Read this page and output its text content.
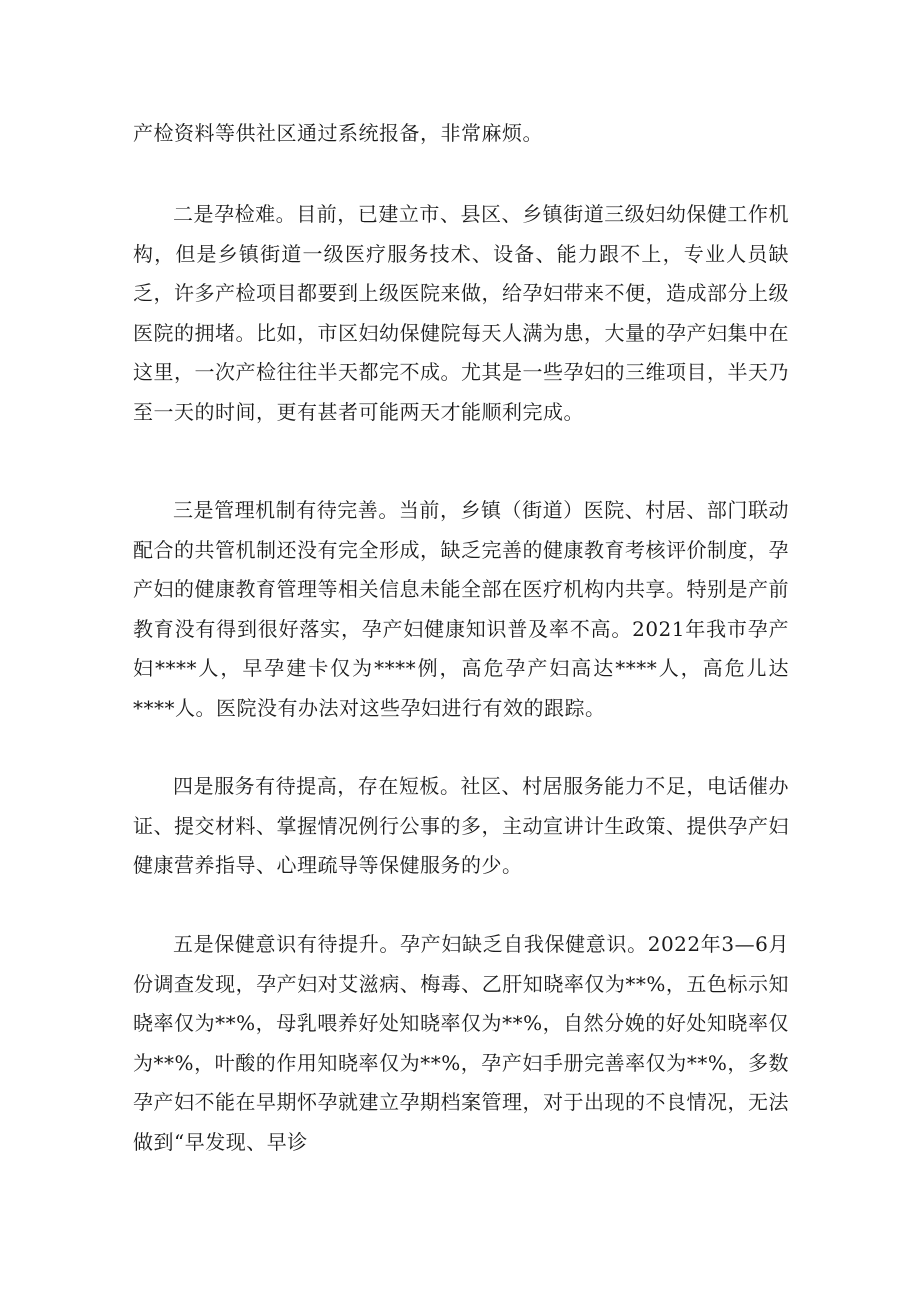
产检资料等供社区通过系统报备，非常麻烦。

二是孕检难。目前，已建立市、县区、乡镇街道三级妇幼保健工作机构，但是乡镇街道一级医疗服务技术、设备、能力跟不上，专业人员缺乏，许多产检项目都要到上级医院来做，给孕妇带来不便，造成部分上级医院的拥堵。比如，市区妇幼保健院每天人满为患，大量的孕产妇集中在这里，一次产检往往半天都完不成。尤其是一些孕妇的三维项目，半天乃至一天的时间，更有甚者可能两天才能顺利完成。

三是管理机制有待完善。当前，乡镇（街道）医院、村居、部门联动配合的共管机制还没有完全形成，缺乏完善的健康教育考核评价制度，孕产妇的健康教育管理等相关信息未能全部在医疗机构内共享。特别是产前教育没有得到很好落实，孕产妇健康知识普及率不高。2021年我市孕产妇****人，早孕建卡仅为****例，高危孕产妇高达****人，高危儿达****人。医院没有办法对这些孕妇进行有效的跟踪。

四是服务有待提高，存在短板。社区、村居服务能力不足，电话催办证、提交材料、掌握情况例行公事的多，主动宣讲计生政策、提供孕产妇健康营养指导、心理疏导等保健服务的少。

五是保健意识有待提升。孕产妇缺乏自我保健意识。2022年3—6月份调查发现，孕产妇对艾滋病、梅毒、乙肝知晓率仅为**%，五色标示知晓率仅为**%，母乳喂养好处知晓率仅为**%，自然分娩的好处知晓率仅为**%，叶酸的作用知晓率仅为**%，孕产妇手册完善率仅为**%，多数孕产妇不能在早期怀孕就建立孕期档案管理，对于出现的不良情况，无法做到“早发现、早诊
